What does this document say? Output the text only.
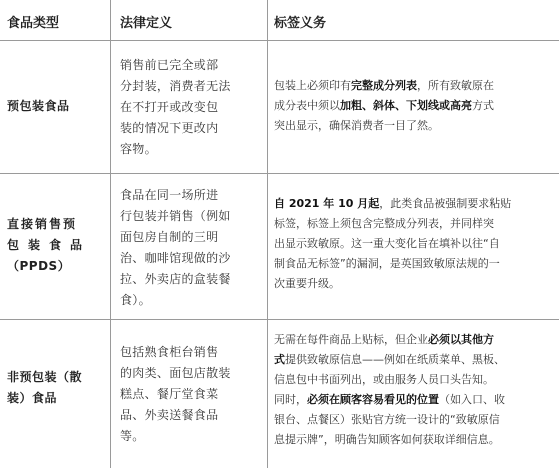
食品类型	法律定义	标签义务
预包装食品
销售前已完全或部
分封装，消费者无法
在不打开或改变包
装的情况下更改内
容物。
包装上必须印有完整成分列表，所有致敏原在
成分表中须以加粗、斜体、下划线或高亮方式
突出显示，确保消费者一目了然。
直接销售预
包装食品
（PPDS）
食品在同一场所进
行包装并销售（例如
面包房自制的三明
治、咖啡馆现做的沙
拉、外卖店的盒装餐
食）。
自 2021 年 10 月起，此类食品被强制要求粘贴
标签，标签上须包含完整成分列表，并同样突
出显示致敏原。这一重大变化旨在填补以往“自
制食品无标签”的漏洞，是英国致敏原法规的一
次重要升级。
非预包装（散
装）食品
包括熟食柜台销售
的肉类、面包店散装
糕点、餐厅堂食菜
品、外卖送餐食品
等。
无需在每件商品上贴标，但企业必须以其他方
式提供致敏原信息——例如在纸质菜单、黑板、
信息包中书面列出，或由服务人员口头告知。
同时，必须在顾客容易看见的位置（如入口、收
银台、点餐区）张贴官方统一设计的“致敏原信
息提示牌”，明确告知顾客如何获取详细信息。
